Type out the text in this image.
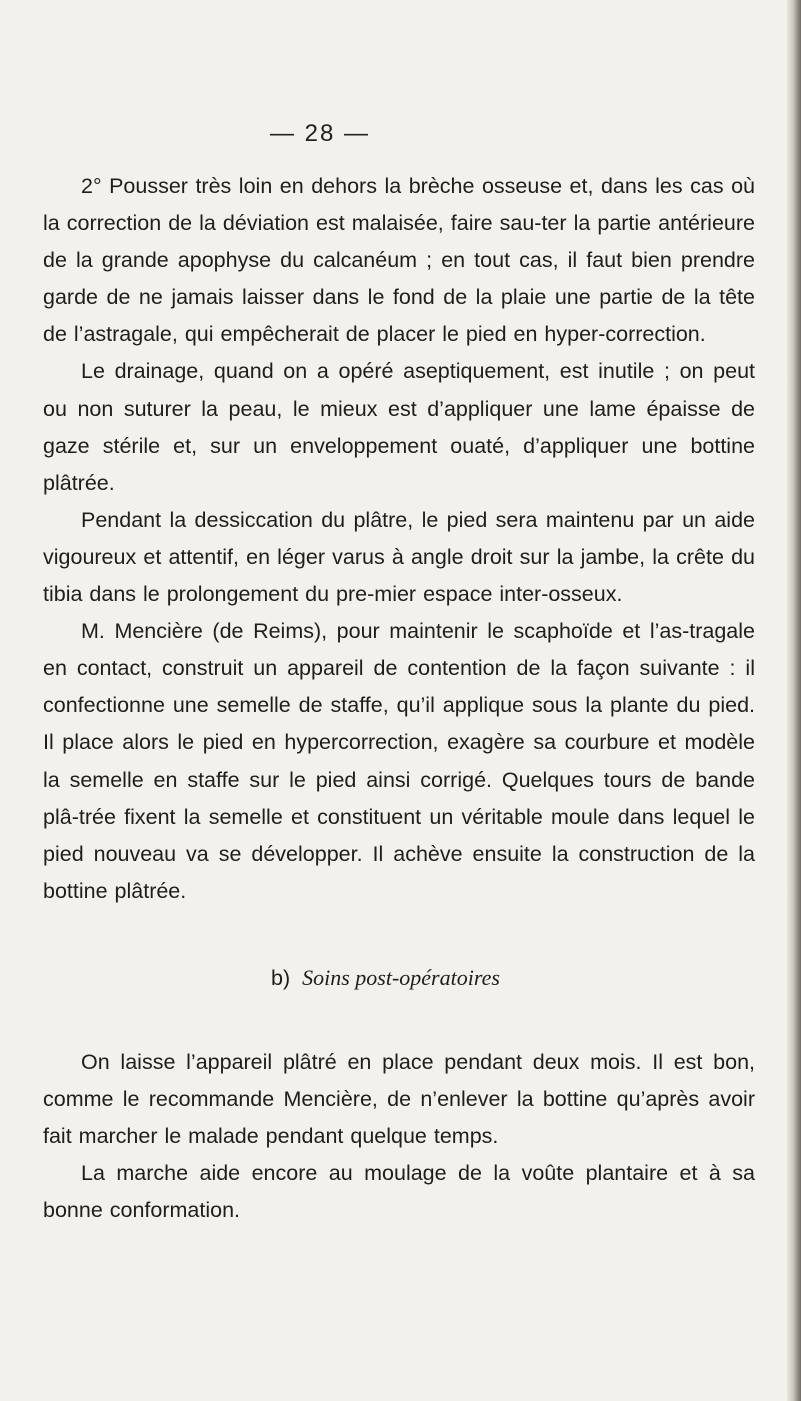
— 28 —

2° Pousser très loin en dehors la brèche osseuse et, dans les cas où la correction de la déviation est malaisée, faire sau-ter la partie antérieure de la grande apophyse du calcanéum ; en tout cas, il faut bien prendre garde de ne jamais laisser dans le fond de la plaie une partie de la tête de l’astragale, qui empêcherait de placer le pied en hyper-correction.

Le drainage, quand on a opéré aseptiquement, est inutile ; on peut ou non suturer la peau, le mieux est d’appliquer une lame épaisse de gaze stérile et, sur un enveloppement ouaté, d’appliquer une bottine plâtrée.

Pendant la dessiccation du plâtre, le pied sera maintenu par un aide vigoureux et attentif, en léger varus à angle droit sur la jambe, la crête du tibia dans le prolongement du pre-mier espace inter-osseux.

M. Mencière (de Reims), pour maintenir le scaphoïde et l’as-tragale en contact, construit un appareil de contention de la façon suivante : il confectionne une semelle de staffe, qu’il applique sous la plante du pied. Il place alors le pied en hypercorrection, exagère sa courbure et modèle la semelle en staffe sur le pied ainsi corrigé. Quelques tours de bande plâ-trée fixent la semelle et constituent un véritable moule dans lequel le pied nouveau va se développer. Il achève ensuite la construction de la bottine plâtrée.

b) Soins post-opératoires

On laisse l’appareil plâtré en place pendant deux mois. Il est bon, comme le recommande Mencière, de n’enlever la bottine qu’après avoir fait marcher le malade pendant quelque temps.

La marche aide encore au moulage de la voûte plantaire et à sa bonne conformation.
